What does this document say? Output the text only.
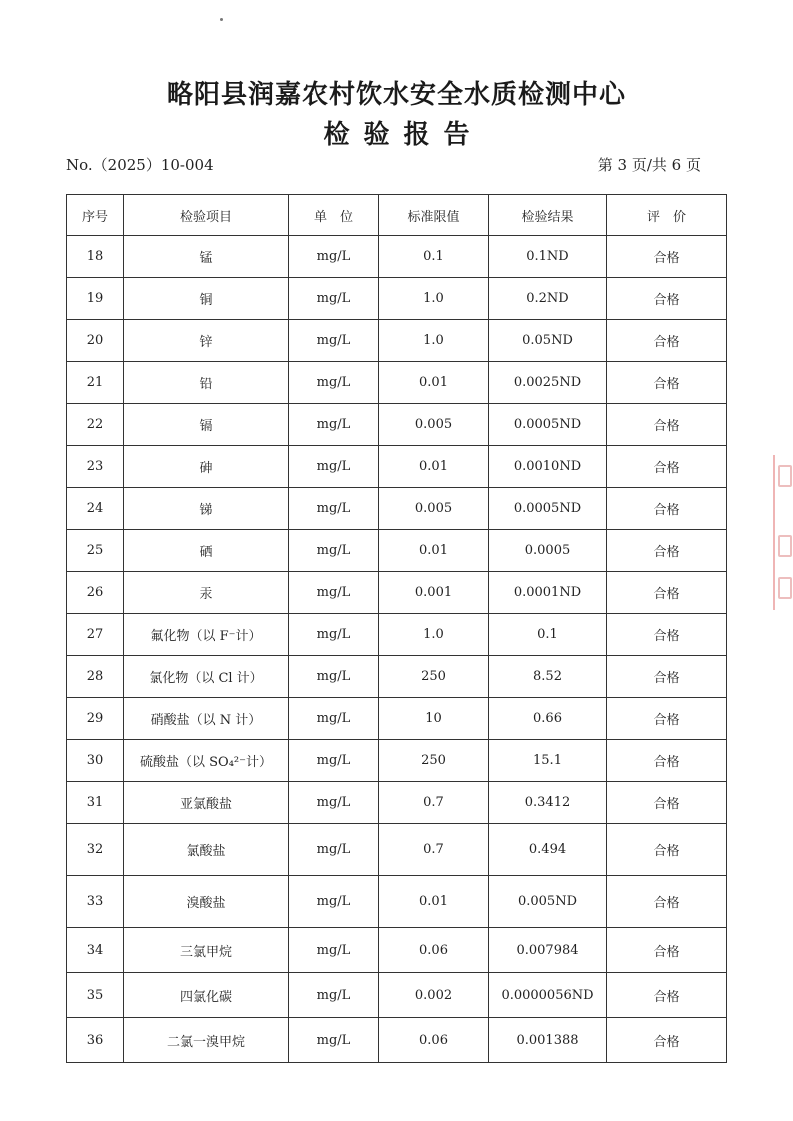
略阳县润嘉农村饮水安全水质检测中心
检验报告
No.（2025）10-004	第 3 页/共 6 页
序号	检验项目	单　位	标准限值	检验结果	评　价
18	锰	mg/L	0.1	0.1ND	合格
19	铜	mg/L	1.0	0.2ND	合格
20	锌	mg/L	1.0	0.05ND	合格
21	铅	mg/L	0.01	0.0025ND	合格
22	镉	mg/L	0.005	0.0005ND	合格
23	砷	mg/L	0.01	0.0010ND	合格
24	锑	mg/L	0.005	0.0005ND	合格
25	硒	mg/L	0.01	0.0005	合格
26	汞	mg/L	0.001	0.0001ND	合格
27	氟化物（以 F⁻计）	mg/L	1.0	0.1	合格
28	氯化物（以 Cl 计）	mg/L	250	8.52	合格
29	硝酸盐（以 N 计）	mg/L	10	0.66	合格
30	硫酸盐（以 SO₄²⁻计）	mg/L	250	15.1	合格
31	亚氯酸盐	mg/L	0.7	0.3412	合格
32	氯酸盐	mg/L	0.7	0.494	合格
33	溴酸盐	mg/L	0.01	0.005ND	合格
34	三氯甲烷	mg/L	0.06	0.007984	合格
35	四氯化碳	mg/L	0.002	0.0000056ND	合格
36	二氯一溴甲烷	mg/L	0.06	0.001388	合格
